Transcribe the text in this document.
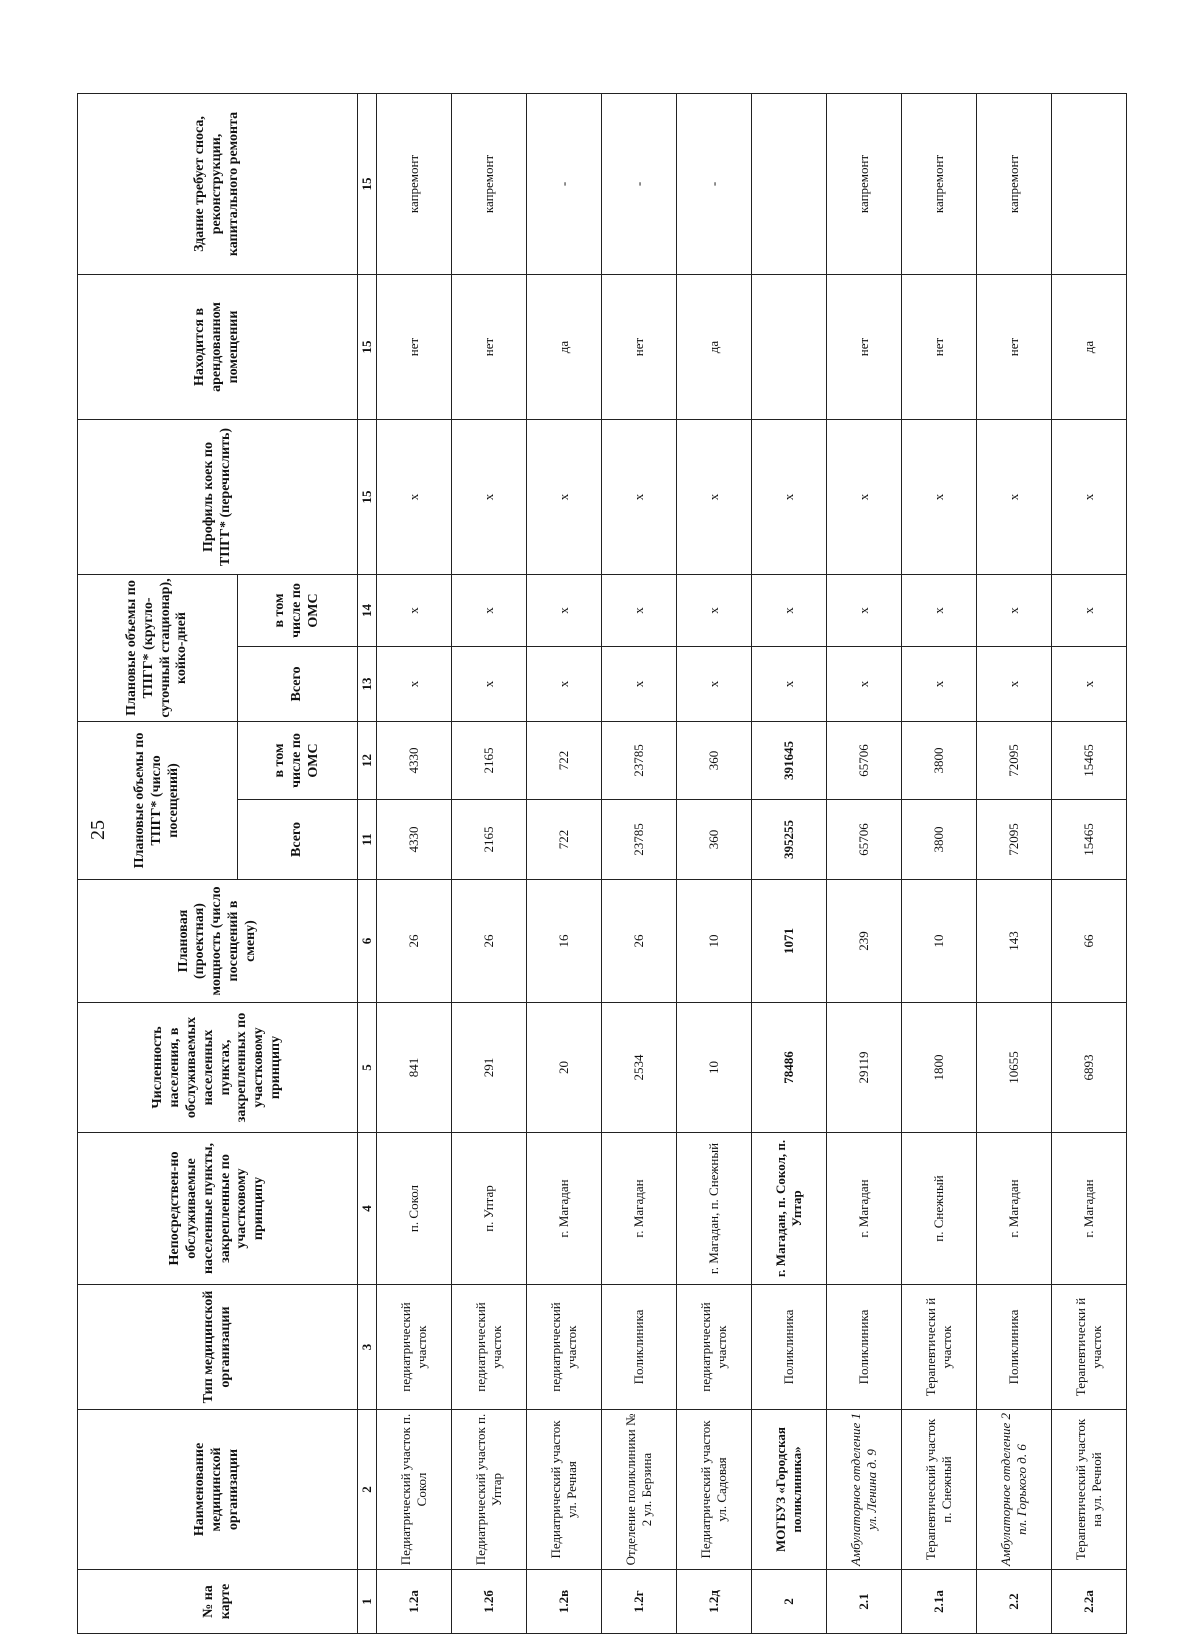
25
№ на карте	Наименование медицинской организации	Тип медицинской организации	Непосредствен-но обслуживаемые населенные пункты, закрепленные по участковому принципу	Численность населения, в обслуживаемых населенных пунктах, закрепленных по участковому принципу	Плановая (проектная) мощность (число посещений в смену)	Плановые объемы по ТПГГ* (число посещений)		Плановые объемы по ТПГГ* (кругло-суточный стационар), койко-дней		Профиль коек по ТПГГ* (перечислить)	Находится в арендованном помещении	Здание требует сноса, реконструкции, капитального ремонта
						Всего	в том числе по ОМС	Всего	в том числе по ОМС			
1	2	3	4	5	6	11	12	13	14	15	15	15
1.2а	Педиатрический участок п. Сокол	педиатрический участок	п. Сокол	841	26	4330	4330	х	х	х	нет	капремонт
1.2б	Педиатрический участок п. Уптар	педиатрический участок	п. Уптар	291	26	2165	2165	х	х	х	нет	капремонт
1.2в	Педиатрический участок ул. Речная	педиатрический участок	г. Магадан	20	16	722	722	х	х	х	да	-
1.2г	Отделение поликлиники № 2 ул. Берзина	Поликлиника	г. Магадан	2534	26	23785	23785	х	х	х	нет	-
1.2д	Педиатрический участок ул. Садовая	педиатрический участок	г. Магадан, п. Снежный	10	10	360	360	х	х	х	да	-
2	МОГБУЗ «Городская поликлиника»	Поликлиника	г. Магадан, п. Сокол, п. Уптар	78486	1071	395255	391645	х	х	х		
2.1	Амбулаторное отделение 1 ул. Ленина д. 9	Поликлиника	г. Магадан	29119	239	65706	65706	х	х	х	нет	капремонт
2.1а	Терапевтический участок п. Снежный	Терапевтически й участок	п. Снежный	1800	10	3800	3800	х	х	х	нет	капремонт
2.2	Амбулаторное отделение 2 пл. Горького д. 6	Поликлиника	г. Магадан	10655	143	72095	72095	х	х	х	нет	капремонт
2.2а	Терапевтический участок на ул. Речной	Терапевтически й участок	г. Магадан	6893	66	15465	15465	х	х	х	да	
